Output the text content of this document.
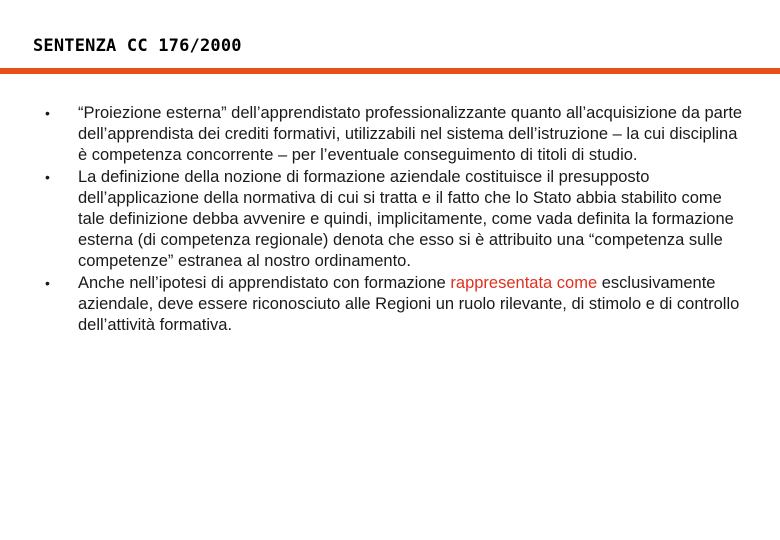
SENTENZA CC 176/2000
•	“Proiezione esterna” dell’apprendistato professionalizzante quanto all’acquisizione da parte dell’apprendista dei crediti formativi, utilizzabili nel sistema dell’istruzione – la cui disciplina è competenza concorrente – per l’eventuale conseguimento di titoli di studio.
•	La definizione della nozione di formazione aziendale costituisce il presupposto dell’applicazione della normativa di cui si tratta e il fatto che lo Stato abbia stabilito come tale definizione debba avvenire e quindi, implicitamente, come vada definita la formazione esterna (di competenza regionale) denota che esso si è attribuito una “competenza sulle competenze” estranea al nostro ordinamento.
•	Anche nell’ipotesi di apprendistato con formazione rappresentata come esclusivamente aziendale, deve essere riconosciuto alle Regioni un ruolo rilevante, di stimolo e di controllo dell’attività formativa.
